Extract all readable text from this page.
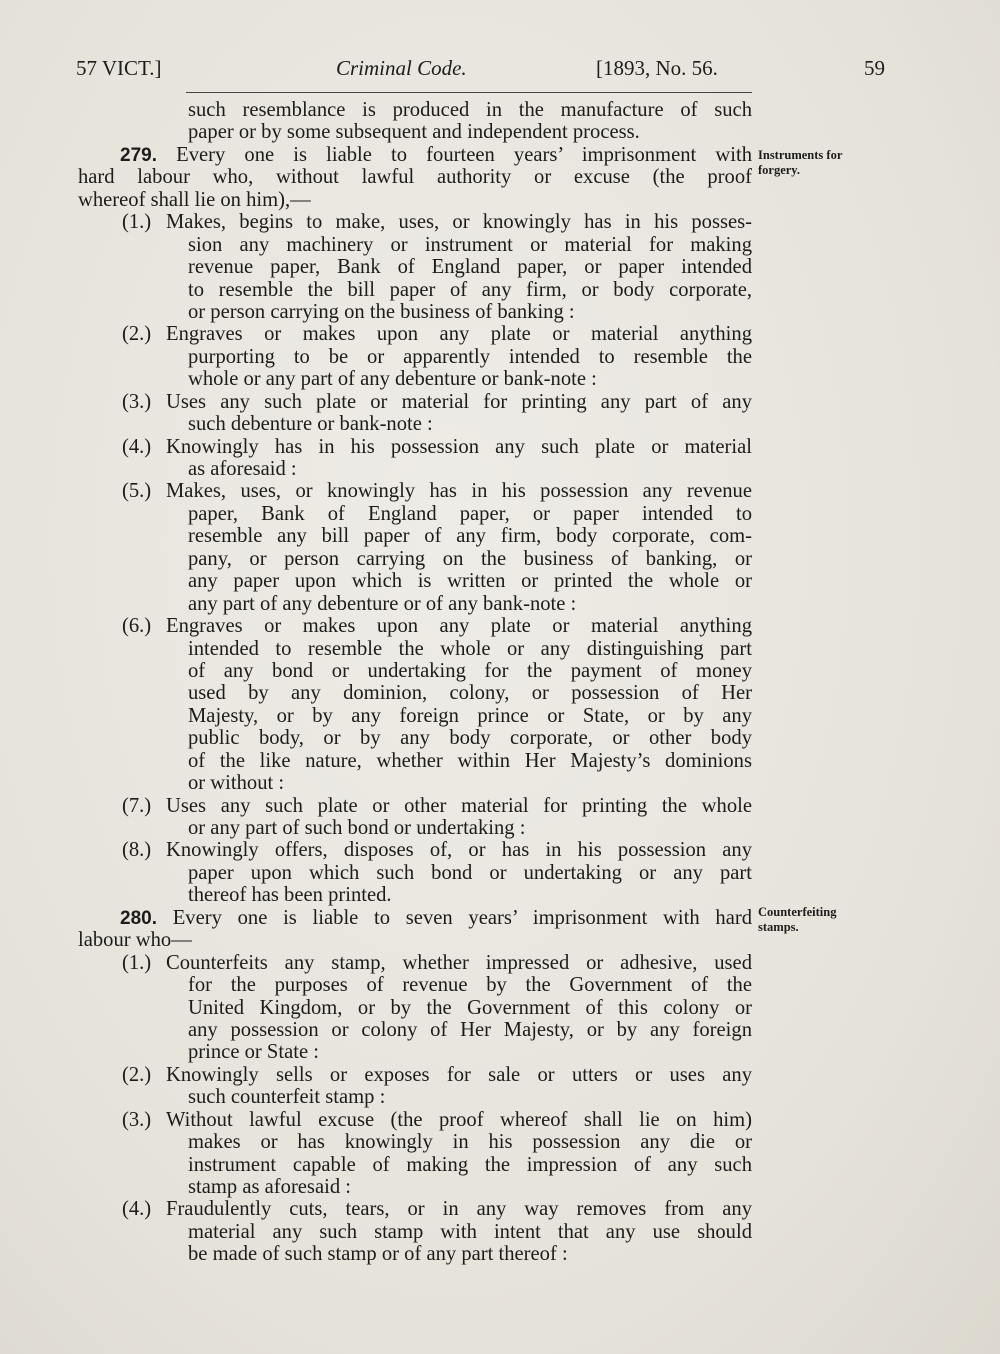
57 VICT.]	Criminal Code.	[1893, No. 56.	59
Instruments for
forgery.
Counterfeiting
stamps.
such resemblance is produced in the manufacture of such
paper or by some subsequent and independent process.
279. Every one is liable to fourteen years’ imprisonment with
hard labour who, without lawful authority or excuse (the proof
whereof shall lie on him),—
(1.) Makes, begins to make, uses, or knowingly has in his posses-
sion any machinery or instrument or material for making
revenue paper, Bank of England paper, or paper intended
to resemble the bill paper of any firm, or body corporate,
or person carrying on the business of banking :
(2.) Engraves or makes upon any plate or material anything
purporting to be or apparently intended to resemble the
whole or any part of any debenture or bank-note :
(3.) Uses any such plate or material for printing any part of any
such debenture or bank-note :
(4.) Knowingly has in his possession any such plate or material
as aforesaid :
(5.) Makes, uses, or knowingly has in his possession any revenue
paper, Bank of England paper, or paper intended to
resemble any bill paper of any firm, body corporate, com-
pany, or person carrying on the business of banking, or
any paper upon which is written or printed the whole or
any part of any debenture or of any bank-note :
(6.) Engraves or makes upon any plate or material anything
intended to resemble the whole or any distinguishing part
of any bond or undertaking for the payment of money
used by any dominion, colony, or possession of Her
Majesty, or by any foreign prince or State, or by any
public body, or by any body corporate, or other body
of the like nature, whether within Her Majesty’s dominions
or without :
(7.) Uses any such plate or other material for printing the whole
or any part of such bond or undertaking :
(8.) Knowingly offers, disposes of, or has in his possession any
paper upon which such bond or undertaking or any part
thereof has been printed.
280. Every one is liable to seven years’ imprisonment with hard
labour who—
(1.) Counterfeits any stamp, whether impressed or adhesive, used
for the purposes of revenue by the Government of the
United Kingdom, or by the Government of this colony or
any possession or colony of Her Majesty, or by any foreign
prince or State :
(2.) Knowingly sells or exposes for sale or utters or uses any
such counterfeit stamp :
(3.) Without lawful excuse (the proof whereof shall lie on him)
makes or has knowingly in his possession any die or
instrument capable of making the impression of any such
stamp as aforesaid :
(4.) Fraudulently cuts, tears, or in any way removes from any
material any such stamp with intent that any use should
be made of such stamp or of any part thereof :
